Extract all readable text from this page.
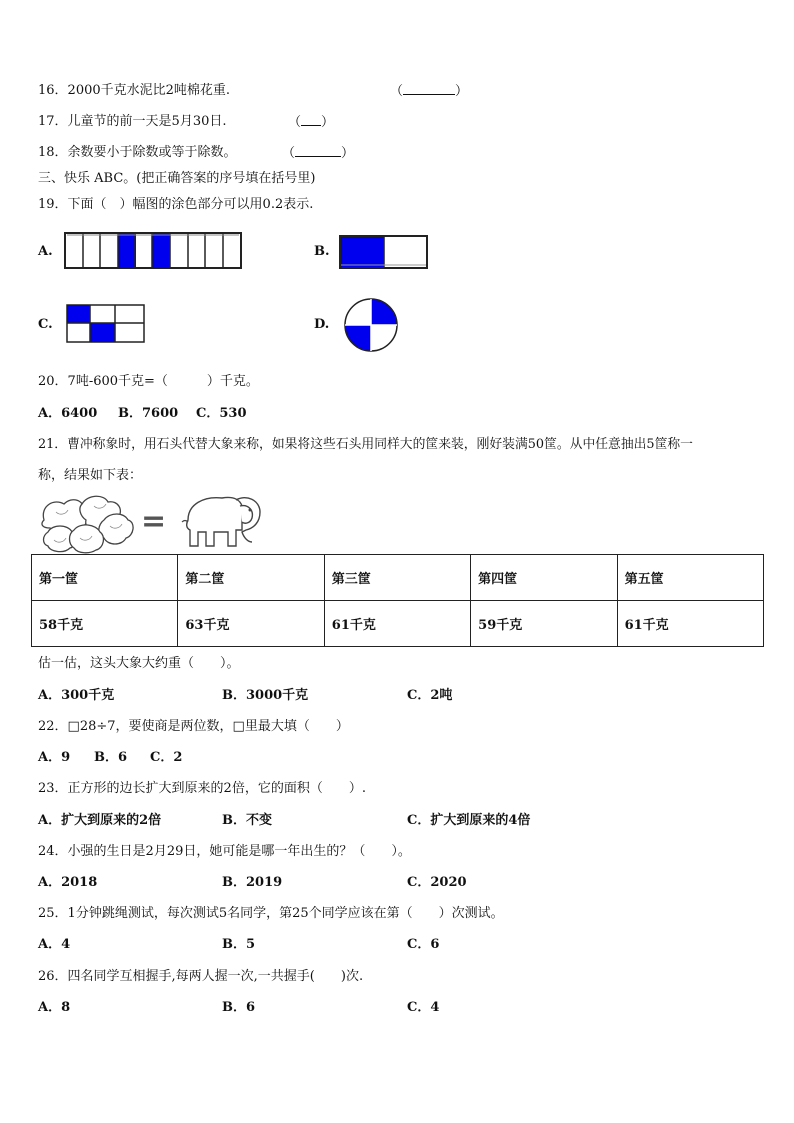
16．2000千克水泥比2吨棉花重.	（	）
17．儿童节的前一天是5月30日.	（ ）
18．余数要小于除数或等于除数。	（	）
三、快乐 ABC。(把正确答案的序号填在括号里)
19．下面（　）幅图的涂色部分可以用0.2表示.
A.	B.
C.	D.
20．7吨-600千克=（　　　）千克。
A．6400 B．7600 C．530
21．曹冲称象时，用石头代替大象来称，如果将这些石头用同样大的筐来装，刚好装满50筐。从中任意抽出5筐称一
称，结果如下表：
=
第一筐	第二筐	第三筐	第四筐	第五筐
58千克	63千克	61千克	59千克	61千克
估一估，这头大象大约重（　　）。
A．300千克	B．3000千克	C．2吨
22．□28÷7，要使商是两位数，□里最大填（　　）
A．9 B．6 C．2
23．正方形的边长扩大到原来的2倍，它的面积（　　）.
A．扩大到原来的2倍	B．不变	C．扩大到原来的4倍
24．小强的生日是2月29日，她可能是哪一年出生的？（　　）。
A．2018	B．2019	C．2020
25．1分钟跳绳测试，每次测试5名同学，第25个同学应该在第（　　）次测试。
A．4	B．5	C．6
26．四名同学互相握手,每两人握一次,一共握手(　　)次.
A．8	B．6	C．4
